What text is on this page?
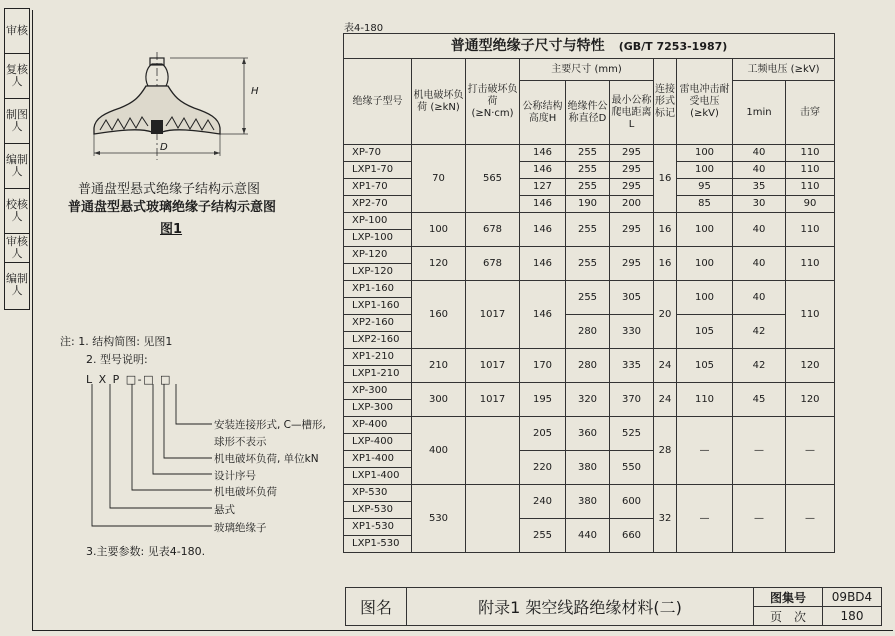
审核
复核人
制图人
编制人
校核人
审核人
编制人
H
D
普通盘型悬式绝缘子结构示意图
普通盘型悬式玻璃绝缘子结构示意图
图1
注: 1. 结构简图: 见图1
2. 型号说明:
L X P □-□ □
安装连接形式, C—槽形,
球形不表示
机电破坏负荷, 单位kN
设计序号
机电破坏负荷
悬式
玻璃绝缘子
3.主要参数: 见表4-180.
表4-180
普通型绝缘子尺寸与特性　 (GB/T 7253-1987)									
绝缘子型号	机电破坏负荷 (≥kN)	打击破坏负荷 (≥N·cm)	主要尺寸 (mm)			连接形式标记	雷电冲击耐受电压 (≥kV)	工频电压 (≥kV)	
			公称结构高度H	绝缘件公称直径D	最小公称爬电距离L			1min	击穿
XP-70	70	565	146	255	295	16	100	40	110
LXP1-70			146	255	295		100	40	110
XP1-70			127	255	295		95	35	110
XP2-70			146	190	200		85	30	90
XP-100	100	678	146	255	295	16	100	40	110
LXP-100									
XP-120	120	678	146	255	295	16	100	40	110
LXP-120									
XP1-160	160	1017	146	255	305	20	100	40	110
LXP1-160									
XP2-160				280	330		105	42	
LXP2-160									
XP1-210	210	1017	170	280	335	24	105	42	120
LXP1-210									
XP-300	300	1017	195	320	370	24	110	45	120
LXP-300									
XP-400	400		205	360	525	28	—	—	—
LXP-400									
XP1-400			220	380	550				
LXP1-400									
XP-530	530		240	380	600	32	—	—	—
LXP-530									
XP1-530			255	440	660				
LXP1-530									
图名	附录1 架空线路绝缘材料(二)	图集号	09BD4
		页　次	180
